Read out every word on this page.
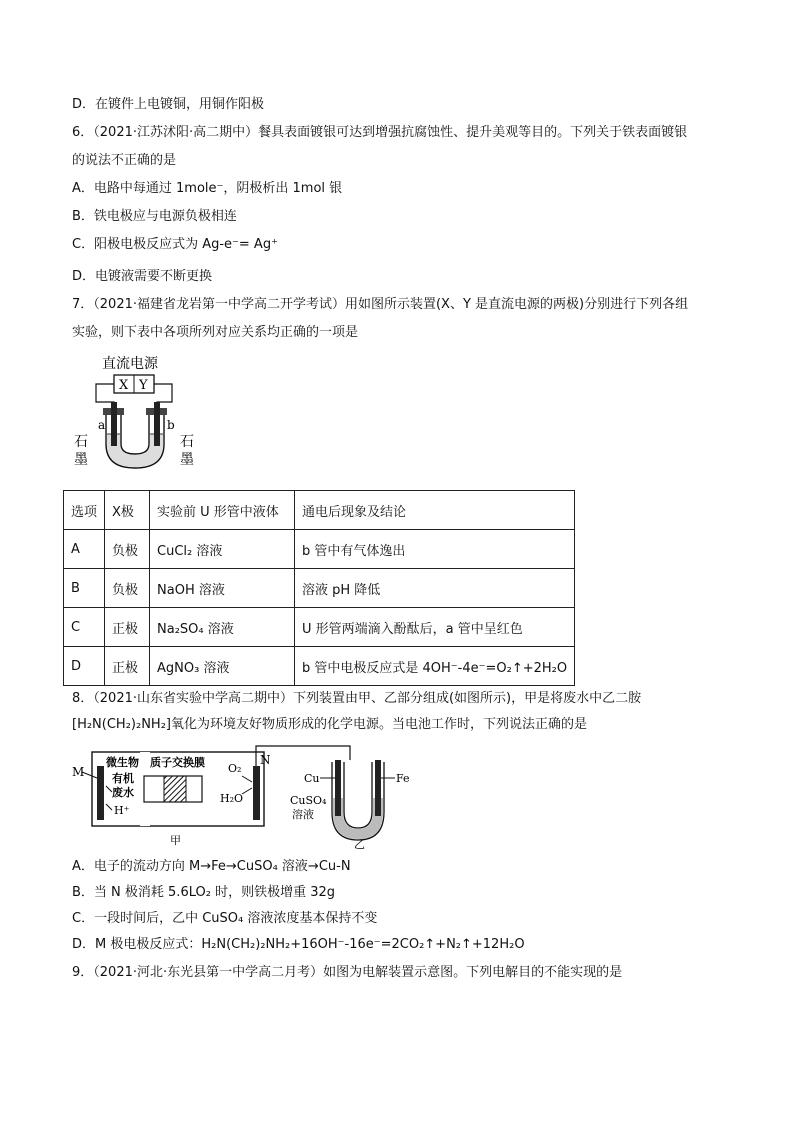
D．在镀件上电镀铜，用铜作阳极
6．（2021·江苏沭阳·高二期中）餐具表面镀银可达到增强抗腐蚀性、提升美观等目的。下列关于铁表面镀银
的说法不正确的是
A．电路中每通过 1mole⁻，阴极析出 1mol 银
B．铁电极应与电源负极相连
C．阳极电极反应式为 Ag-e⁻= Ag⁺
D．电镀液需要不断更换
7．（2021·福建省龙岩第一中学高二开学考试）用如图所示装置(X、Y 是直流电源的两极)分别进行下列各组
实验，则下表中各项所列对应关系均正确的一项是
直流电源
X Y
a	b
石
墨
石
墨
选项	X极	实验前 U 形管中液体	通电后现象及结论
A	负极	CuCl₂ 溶液	b 管中有气体逸出
B	负极	NaOH 溶液	溶液 pH 降低
C	正极	Na₂SO₄ 溶液	U 形管两端滴入酚酞后，a 管中呈红色
D	正极	AgNO₃ 溶液	b 管中电极反应式是 4OH⁻-4e⁻=O₂↑+2H₂O
8．（2021·山东省实验中学高二期中）下列装置由甲、乙部分组成(如图所示)，甲是将废水中乙二胺
[H₂N(CH₂)₂NH₂]氧化为环境友好物质形成的化学电源。当电池工作时，下列说法正确的是
M
微生物
有机
废水
H⁺
质子交换膜 O₂
H₂O
N
甲
Cu	Fe
CuSO₄
溶液
乙
A．电子的流动方向 M→Fe→CuSO₄ 溶液→Cu-N
B．当 N 极消耗 5.6LO₂ 时，则铁极增重 32g
C．一段时间后，乙中 CuSO₄ 溶液浓度基本保持不变
D．M 极电极反应式：H₂N(CH₂)₂NH₂+16OH⁻-16e⁻=2CO₂↑+N₂↑+12H₂O
9．（2021·河北·东光县第一中学高二月考）如图为电解装置示意图。下列电解目的不能实现的是
